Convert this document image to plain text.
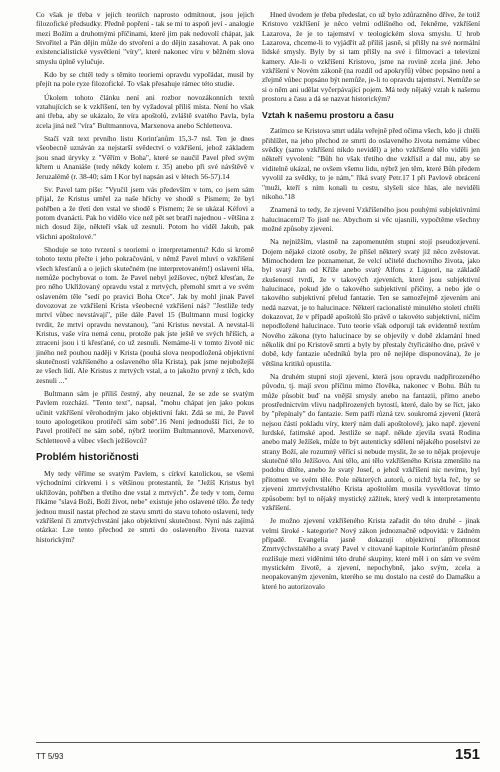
Co však je třeba v jejich teoriích naprosto odmítnout, jsou jejich filozofické předsudky. Předně popření - tak se mi to aspoň jeví - analogie mezi Božím a druhotnými příčinami, které jim pak nedovolí chápat, jak Stvořitel a Pán dějin může do stvoření a do dějin zasahovat. A pak ono existencialistické vysvětlení "víry", které nakonec víru v běžném slova smyslu úplně vylučuje.

Kdo by se chtěl tedy s těmito teoriemi opravdu vypořádat, musil by přejít na pole ryze filozofické. To však přesahuje rámec této studie.

Úkolem tohoto článku není ani rozbor novozákonních textů vztahujících se k vzkříšení, ten by vyžadoval příliš místa. Není ho však ani třeba, aby se ukázalo, že víra apoštolů, zvláště svatého Pavla, byla zcela jiná než "víra" Bultmannova, Marxenova anebo Schletteova.

Stačí vzít text prvního listu Korinťanům 15,3-7 nsl. Ten je dnes všeobecně uznáván za nejstarší svědectví o vzkříšení, jehož základem jsou snad úryvky z "Věřím v Boha", které se naučil Pavel před svým křtem u Ananiáše (tedy někdy kolem r. 35) anebo při své návštěvě v Jeruzalémě (r. 38-40; sám I Kor byl napsán asi v létech 56-57).14

Sv. Pavel tam píše: "Vyučil jsem vás především v tom, co jsem sám přijal, že Kristus umřel za naše hříchy ve shodě s Písmem; že byl pohřben a že třetí den vstal ve shodě s Písmem; že se ukázal Kéfovi a potom dvanácti. Pak ho vidělo více než pět set bratří najednou - většina z nich dosud žije, někteří však už zesnuli. Potom ho viděl Jakub, pak všichni apoštolové."

Shoduje se toto tvrzení s teoriemi o interpretamentu? Kdo si kromě tohoto textu přečte i jeho pokračování, v němž Pavel mluví o vzkříšení všech křesťanů a o jejich skutečném (ne interpretovaném!) oslavení těla, nemůže pochybovat o tom. že Pavel nebyl ježíšovec, nýbrž křesťan, že pro něho Ukřižovaný opravdu vstal z mrtvých, přemohl smrt a ve svém oslaveném těle "sedí po pravici Boha Otce". Jak by mohl jinak Pavel dovozovat ze vzkříšení Krista všeobecné vzkříšení nás? "Jestliže tedy mrtví vůbec nevstávají", píše dále Pavel 15 (Bultmann musí logicky tvrdit, že mrtví opravdu nevstanou), "ani Kristus nevstal. A nevstal-li Kristus, vaše víra nemá cenu, protože pak jste ještě ve svých hříších, a ztraceni jsou i ti křesťané, co už zesnuli. Nemáme-li v tomto životě nic jiného než pouhou naději v Krista (pouhá slova neopodložená objektivní skutečností vzkříšeného a oslaveného těla Krista), pak jsme nejubožejší ze všech lidí. Ale Kristus z mrtvých vstal, a to jakožto prvný z těch, kdo zesnuli ..."

Bultmann sám je příliš čestný, aby neuznal, že se zde se svatým Pavlem rozchází. "Tento text", napsal, "mohu chápat jen jako pokus učinit vzkříšení věrohodným jako objektivní fakt. Zdá se mi, že Pavel touto apologetikou protiřečí sám sobě".16 Není jednodušší říci, že to Pavel protiřečí ne sám sobě, nýbrž teoriím Bultmannově, Marxenově, Schletteově a vůbec všech ježíšovců?

Problém historičnosti

My tedy věříme se svatým Pavlem, s církví katolickou, se všemi východními církvemi i s většinou protestantů, že "Ježíš Kristus byl ukřižován, pohřben a třetího dne vstal z mrtvých". Že tedy v tom, čemu říkáme "slavá Boží, Boží život, nebe" existuje jeho oslavené tělo. Že tedy jednou musil nastat přechod ze stavu smrti do stavu tohoto oslavení, tedy vzkříšení či zmrtvýchvstání jako objektivní skutečnost. Nyní nás zajímá otázka: Lze tento přechod ze smrti do oslaveného života nazvat historickým?

Hned úvodem je třeba předeslat, co už bylo zdůrazněno dříve, že totiž Kristovo vzkříšení je něco velmi odlišného od, řekněme, vzkříšení Lazarova, že je to tajemství v teologickém slova smyslu. U hrob Lazarova, chceme-li to vyjádřit až příliš jasně, si přišly na své normální lidské smysly. Byly by si tam přišly na své i filmovací a televizní kamery. Ale-li o vzkříšení Kristovo, jsme na rovině zcela jiné. Jeho vzkříšení v Novém zákoně (na rozdíl od apokryfů) vůbec popsáno není a zřejmě vůbec popsáno být nemůže, je-li to opravdu tajemství. Nemůže se si o něm ani udělat vyčerpávající pojem. Má tedy nějaký vztah k našemu prostoru a času a dá se nazvat historickým?

Vztah k našemu prostoru a času

Zatímco se Kristova smrt udála veřejně před očima všech, kdo ji chtěli přihlížet, na jeho přechod ze smrti do oslaveného života nemáme vůbec svědky (samo vzkříšení nikdo neviděl) a jeho vzkříšené tělo viděli jen někteří vyvolení: "Bůh ho však třetího dne vzkřísil a dal mu, aby se viditelně ukázal, ne ovšem všemu lidu, nýbrž jen těm, které Bůh předem vyvolil za svědky, to je nám," říká svatý Petr.17 I při Pavlově obrácení "muži, kteří s ním konali tu cestu, slyšeli sice hlas, ale neviděli nikoho."18

Znamená to tedy, že zjevení Vzkříšeného jsou pouhými subjektivními halucinacemi? To jistě ne. Abychom si věc ujasnili, vypočtěme všechny možné způsoby zjevení.

Na nejnižším, vlastně na zapomenutém stupni stojí pseudozjevení. Dojem nějaké cizoté osoby, že přišel některý svatý již něco zvěstovat. Mimochodem lze poznamenat, že velcí učitelé duchovního života, jako byl svatý Jan od Kříže anebo svatý Alfons z Liguori, na základě zkušeností tvrdí, že v takových zjeveních, které jsou subjektivní halucinace, pokud jde o takového subjektivní příčiny, a nebo jde o takového subjektivní přelud fantazie. Ten se samozřejmě zjevením ani nedá nazvat, je to halucinace. Některí racionalisté minulého století chtěli dokazovat, že v případě apoštolů šlo právě o takovéto subjektivní, ničím nepodložené halucinace. Tuto teorie však odporují tak evidentně textům Nového zákona (tyto halucinace by se objevily v době zklamání hned několik dní po Kristově smrti a byly by přestaly čtyřicátého dne, právě v době, kdy fantazie učedníků byla pro ně nejlépe disponována), že je většina kritiků opustila.

Na druhém stupni stojí zjevení, která jsou opravdu nadpřirozeného původu, tj. mají svou příčinu mimo člověka, nakonec v Bohu. Bůh tu může působit buď na vnější smysly anebo na fantazii, přímo anebo prostřednictvím vlivu nadpřirozených bytostí, které, dalo by se říct, jako by "přepínaly" do fantazie. Sem patří různá tzv. soukromá zjevení (která nejsou částí pokladu víry, který nám dali apoštolové), jako např. zjevení lurdské, fatimské apod. Jestliže se např. někde zjevila svatá Rodina anebo malý Ježíšek, může to být autenticky sdělení nějakého poselství ze strany Boží, ale rozumný věřící si nebude myslit, že se to nějak projevuje skutečné tělo Ježíšovo. Ani tělo, ani tělo vzkříšeného Krista zmenšilo na podobu dítěte, anebo že svatý Josef, o jehož vzkříšení nic nevíme, byl přítomen ve svém těle. Pole některých autorů, o nichž byla řeč, by se zjevení zmrtvýchvstalého Krista apoštolům musila vysvětlovat tímto způsobem: byl to nějaký mystický zážitek, který vedl k interpretamentu vzkříšení.

Je možno zjevení vzkříšeného Krista zařadit do této druhé - jinak velmi široké - kategorie? Nový zákon jednoznačně odpovídá: v žádném případě. Evangelia jasně dokazují objektivní přítomnost Zmrtvýchvstalého a svatý Pavel v citované kapitole Korinťanům přesně rozlišuje mezi viděními této druhé skupiny, které měl i on sám ve svém mystickém životě, a zjevení, nepochybně, jako svým, zcela a neopakovaným zjevením, kterého se mu dostalo na cestě do Damašku a které ho autorizovalo

TT 5/93	151
